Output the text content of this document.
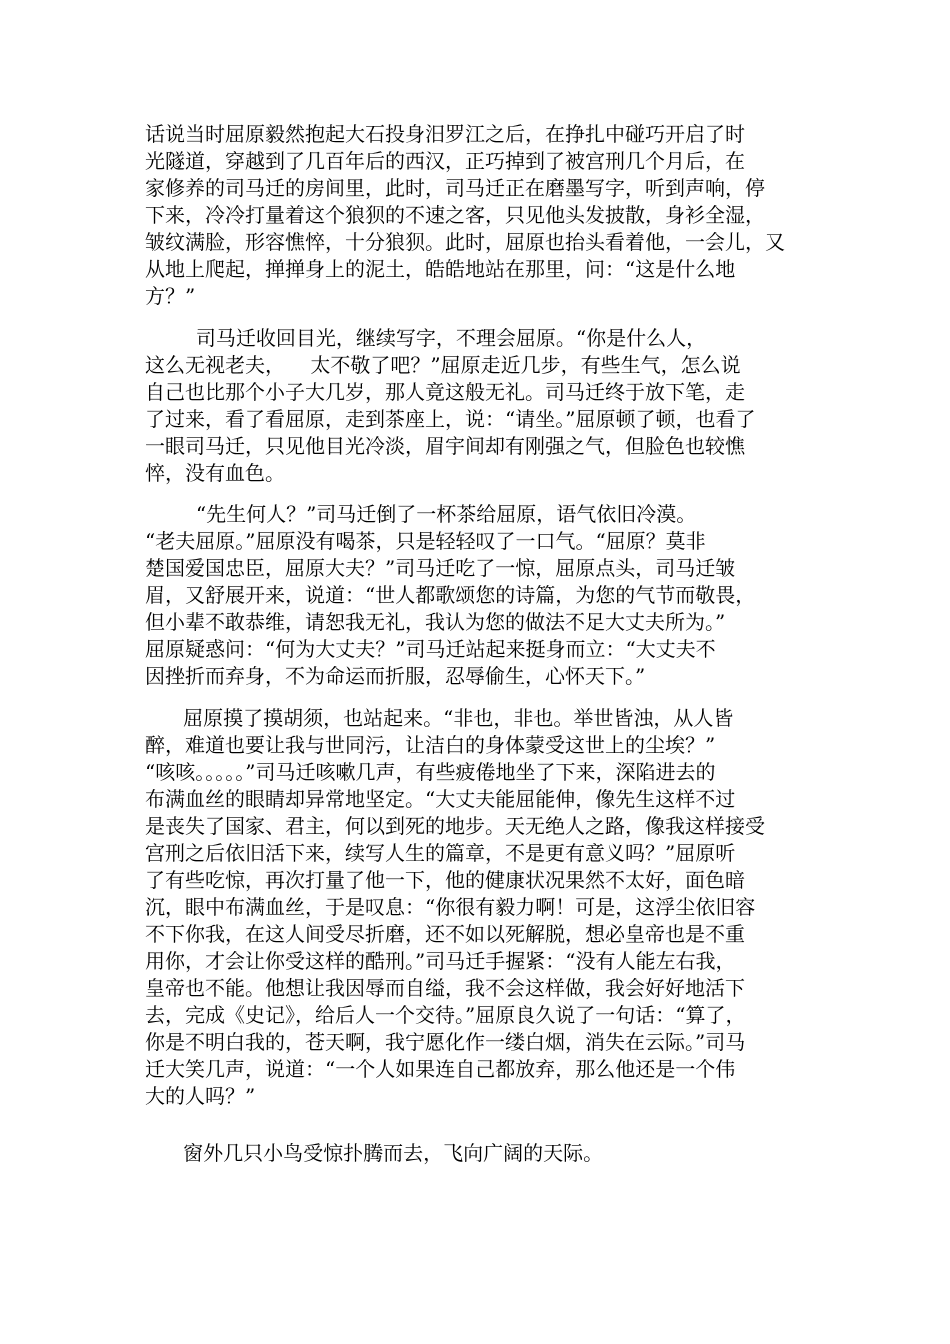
话说当时屈原毅然抱起大石投身汨罗江之后，在挣扎中碰巧开启了时

光隧道，穿越到了几百年后的西汉，正巧掉到了被宫刑几个月后，在

家修养的司马迁的房间里，此时，司马迁正在磨墨写字，听到声响，停

下来，冷冷打量着这个狼狈的不速之客，只见他头发披散，身衫全湿，

皱纹满脸，形容憔悴，十分狼狈。此时，屈原也抬头看着他，一会儿，又

从地上爬起，掸掸身上的泥土，皓皓地站在那里，问：“这是什么地

方？”

司马迁收回目光，继续写字，不理会屈原。“你是什么人，

这么无视老夫，    太不敬了吧？”屈原走近几步，有些生气，怎么说

自己也比那个小子大几岁，那人竟这般无礼。司马迁终于放下笔，走

了过来，看了看屈原，走到茶座上，说：“请坐。”屈原顿了顿，也看了

一眼司马迁，只见他目光冷淡，眉宇间却有刚强之气，但脸色也较憔

悴，没有血色。

“先生何人？”司马迁倒了一杯茶给屈原，语气依旧冷漠。

“老夫屈原。”屈原没有喝茶，只是轻轻叹了一口气。“屈原？莫非

楚国爱国忠臣，屈原大夫？”司马迁吃了一惊，屈原点头，司马迁皱

眉，又舒展开来，说道：“世人都歌颂您的诗篇，为您的气节而敬畏，

但小辈不敢恭维，请恕我无礼，我认为您的做法不足大丈夫所为。”

屈原疑惑问：“何为大丈夫？”司马迁站起来挺身而立：“大丈夫不

因挫折而弃身，不为命运而折服，忍辱偷生，心怀天下。”

屈原摸了摸胡须，也站起来。“非也，非也。举世皆浊，从人皆

醉，难道也要让我与世同污，让洁白的身体蒙受这世上的尘埃？”

“咳咳。。。。。”司马迁咳嗽几声，有些疲倦地坐了下来，深陷进去的

布满血丝的眼睛却异常地坚定。“大丈夫能屈能伸，像先生这样不过

是丧失了国家、君主，何以到死的地步。天无绝人之路，像我这样接受

宫刑之后依旧活下来，续写人生的篇章，不是更有意义吗？”屈原听

了有些吃惊，再次打量了他一下，他的健康状况果然不太好，面色暗

沉，眼中布满血丝，于是叹息：“你很有毅力啊！可是，这浮尘依旧容

不下你我，在这人间受尽折磨，还不如以死解脱，想必皇帝也是不重

用你，才会让你受这样的酷刑。”司马迁手握紧：“没有人能左右我，

皇帝也不能。他想让我因辱而自缢，我不会这样做，我会好好地活下

去，完成《史记》，给后人一个交待。”屈原良久说了一句话：“算了，

你是不明白我的，苍天啊，我宁愿化作一缕白烟，消失在云际。”司马

迁大笑几声，说道：“一个人如果连自己都放弃，那么他还是一个伟

大的人吗？”

窗外几只小鸟受惊扑腾而去，飞向广阔的天际。
